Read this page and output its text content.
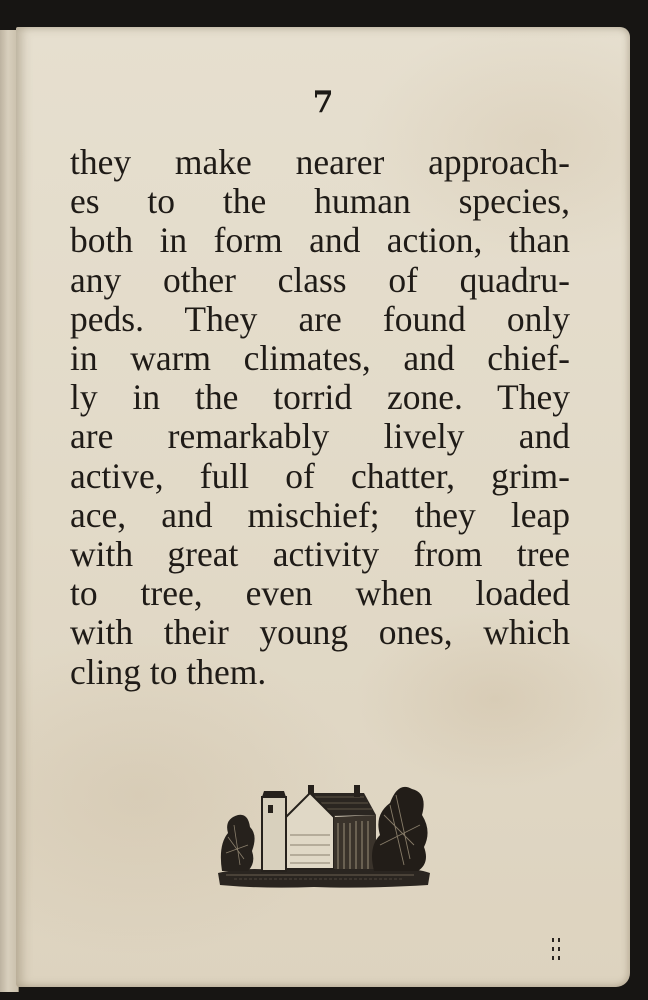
7

they make nearer approach-
es to the human species,
both in form and action, than
any other class of quadru-
peds. They are found only
in warm climates, and chief-
ly in the torrid zone. They
are remarkably lively and
active, full of chatter, grim-
ace, and mischief; they leap
with great activity from tree
to tree, even when loaded
with their young ones, which
cling to them.
